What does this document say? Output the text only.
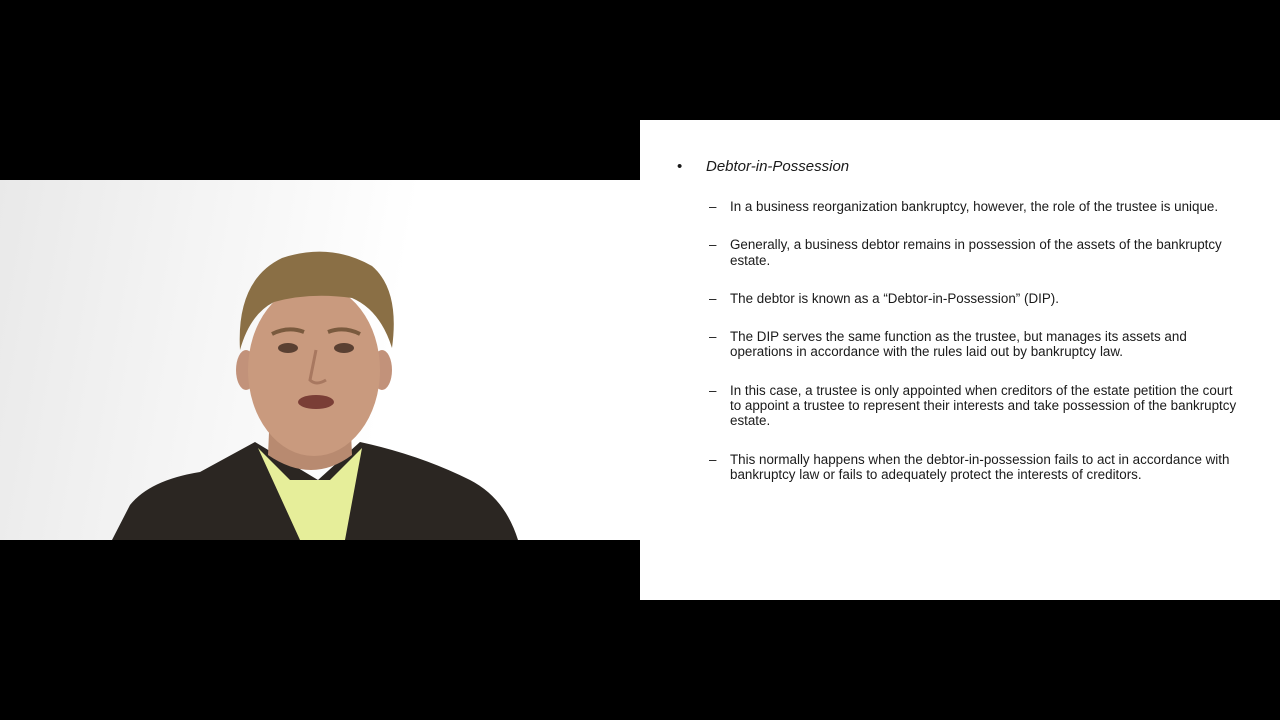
•	Debtor-in-Possession
–	In a business reorganization bankruptcy, however, the role of the trustee is unique.
–	Generally, a business debtor remains in possession of the assets of the bankruptcy estate.
–	The debtor is known as a “Debtor-in-Possession” (DIP).
–	The DIP serves the same function as the trustee, but manages its assets and operations in accordance with the rules laid out by bankruptcy law.
–	In this case, a trustee is only appointed when creditors of the estate petition the court to appoint a trustee to represent their interests and take possession of the bankruptcy estate.
–	This normally happens when the debtor-in-possession fails to act in accordance with bankruptcy law or fails to adequately protect the interests of creditors.
